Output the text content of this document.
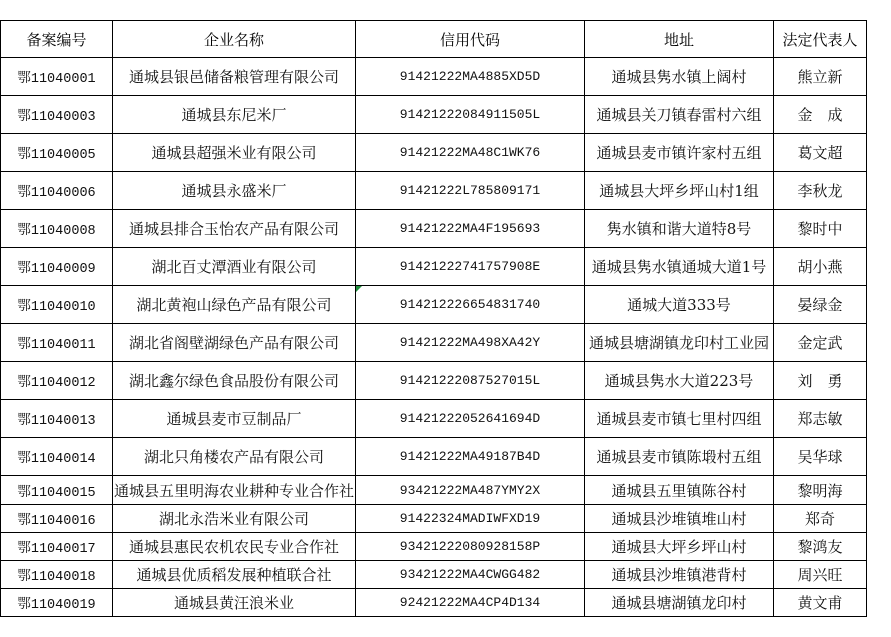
备案编号	企业名称	信用代码	地址	法定代表人
鄂11040001	通城县银邑储备粮管理有限公司	91421222MA4885XD5D	通城县隽水镇上阔村	熊立新
鄂11040003	通城县东尼米厂	91421222084911505L	通城县关刀镇春雷村六组	金　成
鄂11040005	通城县超强米业有限公司	91421222MA48C1WK76	通城县麦市镇许家村五组	葛文超
鄂11040006	通城县永盛米厂	91421222L785809171	通城县大坪乡坪山村1组	李秋龙
鄂11040008	通城县排合玉怡农产品有限公司	91421222MA4F195693	隽水镇和谐大道特8号	黎时中
鄂11040009	湖北百丈潭酒业有限公司	91421222741757908E	通城县隽水镇通城大道1号	胡小燕
鄂11040010	湖北黄袍山绿色产品有限公司	914212226654831740	通城大道333号	晏绿金
鄂11040011	湖北省阁壁湖绿色产品有限公司	91421222MA498XA42Y	通城县塘湖镇龙印村工业园	金定武
鄂11040012	湖北鑫尔绿色食品股份有限公司	91421222087527015L	通城县隽水大道223号	刘　勇
鄂11040013	通城县麦市豆制品厂	91421222052641694D	通城县麦市镇七里村四组	郑志敏
鄂11040014	湖北只角楼农产品有限公司	91421222MA49187B4D	通城县麦市镇陈塅村五组	吴华球
鄂11040015	通城县五里明海农业耕种专业合作社	93421222MA487YMY2X	通城县五里镇陈谷村	黎明海
鄂11040016	湖北永浩米业有限公司	91422324MADIWFXD19	通城县沙堆镇堆山村	郑奇
鄂11040017	通城县惠民农机农民专业合作社	93421222080928158P	通城县大坪乡坪山村	黎鸿友
鄂11040018	通城县优质稻发展种植联合社	93421222MA4CWGG482	通城县沙堆镇港背村	周兴旺
鄂11040019	通城县黄汪浪米业	92421222MA4CP4D134	通城县塘湖镇龙印村	黄文甫
